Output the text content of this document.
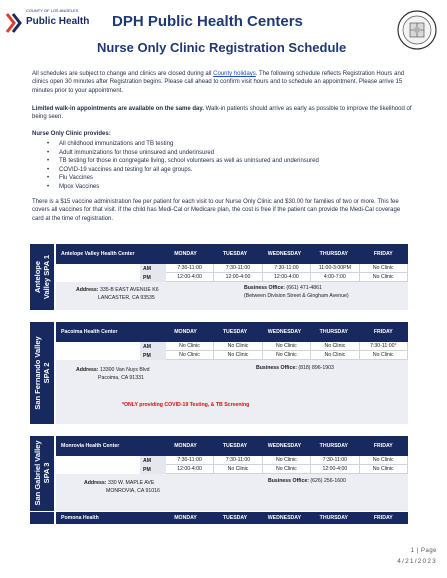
COUNTY OF LOS ANGELES
Public Health DPH Public Health Centers
Nurse Only Clinic Registration Schedule
All schedules are subject to change and clinics are closed during all County holidays. The following schedule reflects Registration Hours and clinics open 30 minutes after Registration begins. Please call ahead to confirm visit hours and to schedule an appointment. Please arrive 15 minutes prior to your appointment.
Limited walk-in appointments are available on the same day. Walk-in patients should arrive as early as possible to improve the likelihood of being seen.
Nurse Only Clinic provides:
• All childhood immunizations and TB testing
• Adult immunizations for those uninsured and underinsured
• TB testing for those in congregate living, school volunteers as well as uninsured and underinsured
• COVID-19 vaccines and testing for all age groups.
• Flu Vaccines
• Mpox Vaccines
There is a $15 vaccine administration fee per patient for each visit to our Nurse Only Clinic and $30.00 for families of two or more. This fee covers all vaccines for that visit. If the child has Medi-Cal or Medicare plan, the cost is free if the patient can provide the Medi-Cal coverage card at the time of registration.
Antelope Valley SPA 1
Antelope Valley Health Center	MONDAY	TUESDAY	WEDNESDAY	THURSDAY	FRIDAY
AM	7:30-11:00	7:30-11:00	7:30-11:00	11:00-3:00PM	No Clinic
PM	12:00-4:00	12:00-4:00	12:00-4:00	4:00-7:00	No Clinic
Address: 335-B EAST AVENUE K6
LANCASTER, CA 93535
Business Office: (661) 471-4861
(Between Division Street & Gingham Avenue)
San Fernando Valley SPA 2
Pacoima Health Center	MONDAY	TUESDAY	WEDNESDAY	THURSDAY	FRIDAY
AM	No Clinic	No Clinic	No Clinic	No Clinic	7:30-11:00 *
PM	No Clinic	No Clinic	No Clinic	No Clinic	No Clinic
Address: 13300 Van Nuys Blvd
Pacoima, CA 91331
Business Office: (818) 896-1903
*ONLY providing COVID-19 Testing, & TB Screening
San Gabriel Valley SPA 3
Monrovia Health Center	MONDAY	TUESDAY	WEDNESDAY	THURSDAY	FRIDAY
AM	7:30-11:00	7:30-11:00	No Clinic	7:30-11:00	No Clinic
PM	12:00-4:00	No Clinic	No Clinic	12:00-4:00	No Clinic
Address: 330 W. MAPLE AVE
MONROVIA, CA 91016
Business Office: (626) 256-1600
Pomona Health	MONDAY	TUESDAY	WEDNESDAY	THURSDAY	FRIDAY
1 | Page
4/21/2023
